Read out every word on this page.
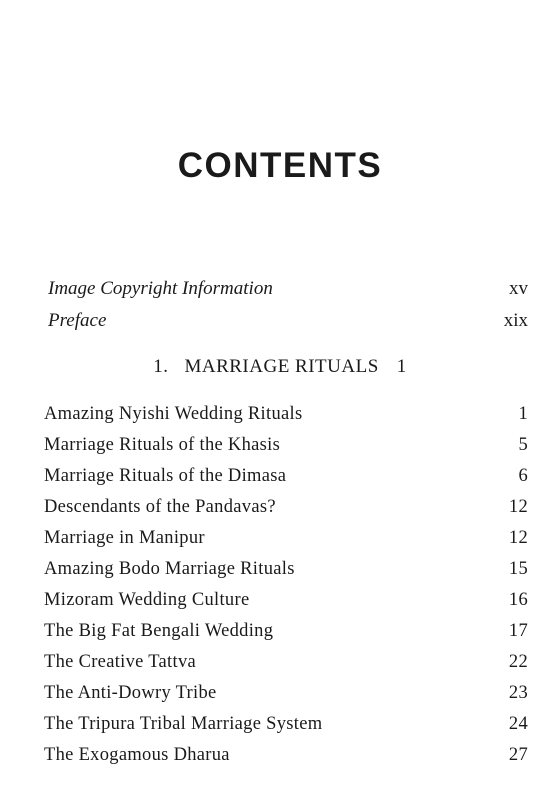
CONTENTS
Image Copyright Information	xv
Preface	xix
1. MARRIAGE RITUALS 1
Amazing Nyishi Wedding Rituals	1
Marriage Rituals of the Khasis	5
Marriage Rituals of the Dimasa	6
Descendants of the Pandavas?	12
Marriage in Manipur	12
Amazing Bodo Marriage Rituals	15
Mizoram Wedding Culture	16
The Big Fat Bengali Wedding	17
The Creative Tattva	22
The Anti-Dowry Tribe	23
The Tripura Tribal Marriage System	24
The Exogamous Dharua	27
